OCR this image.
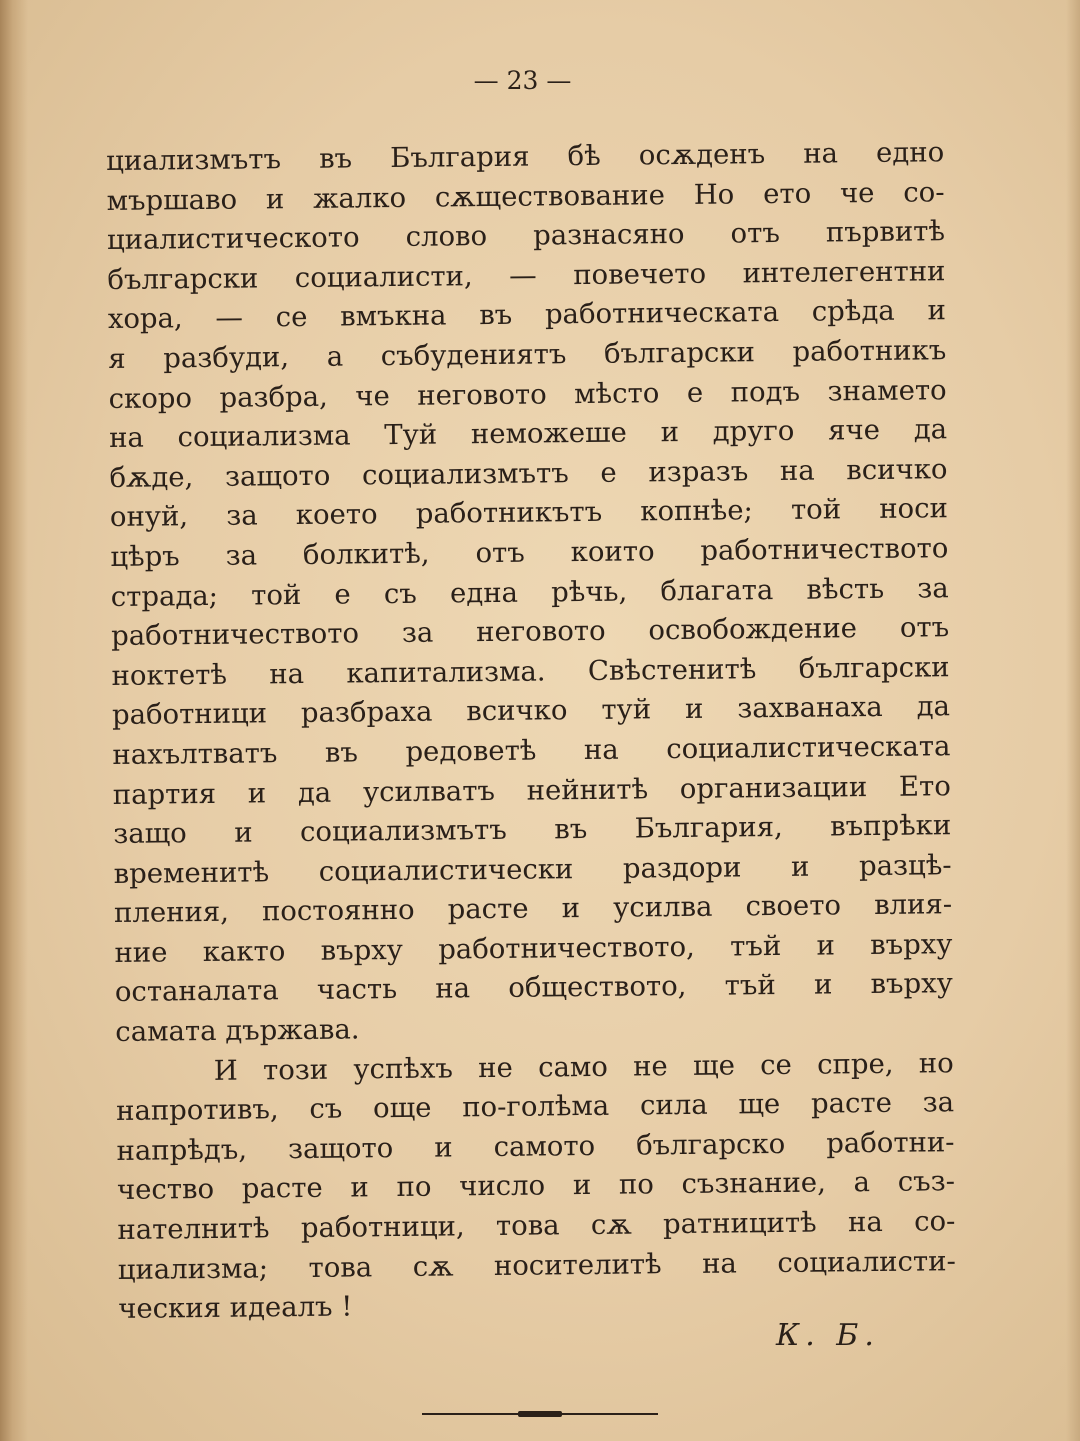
— 23 —
циализмътъ въ България бѣ осѫденъ на едно
мършаво и жалко сѫществование Но ето че со-
циалистическото слово разнасяно отъ първитѣ
български социалисти, — повечето интелегентни
хора, — се вмъкна въ работническата срѣда и
я разбуди, а събудениятъ български работникъ
скоро разбра, че неговото мѣсто е подъ знамето
на социализма Туй неможеше и друго яче да
бѫде, защото социализмътъ е изразъ на всичко
онуй, за което работникътъ копнѣе; той носи
цѣръ за болкитѣ, отъ които работничеството
страда; той е съ една рѣчь, благата вѣсть за
работничеството за неговото освобождение отъ
ноктетѣ на капитализма. Свѣстенитѣ български
работници разбраха всичко туй и захванаха да
нахълтватъ въ редоветѣ на социалистическата
партия и да усилватъ нейнитѣ организации Ето
защо и социализмътъ въ България, въпрѣки
временитѣ социалистически раздори и разцѣ-
пления, постоянно расте и усилва своето влия-
ние както върху работничеството, тъй и върху
останалата часть на обществото, тъй и върху
самата държава.
И този успѣхъ не само не ще се спре, но
напротивъ, съ още по-голѣма сила ще расте за
напрѣдъ, защото и самото българско работни-
чество расте и по число и по съзнание, а съз-
нателнитѣ работници, това сѫ ратницитѣ на со-
циализма; това сѫ носителитѣ на социалисти-
ческия идеалъ !
К. Б.
